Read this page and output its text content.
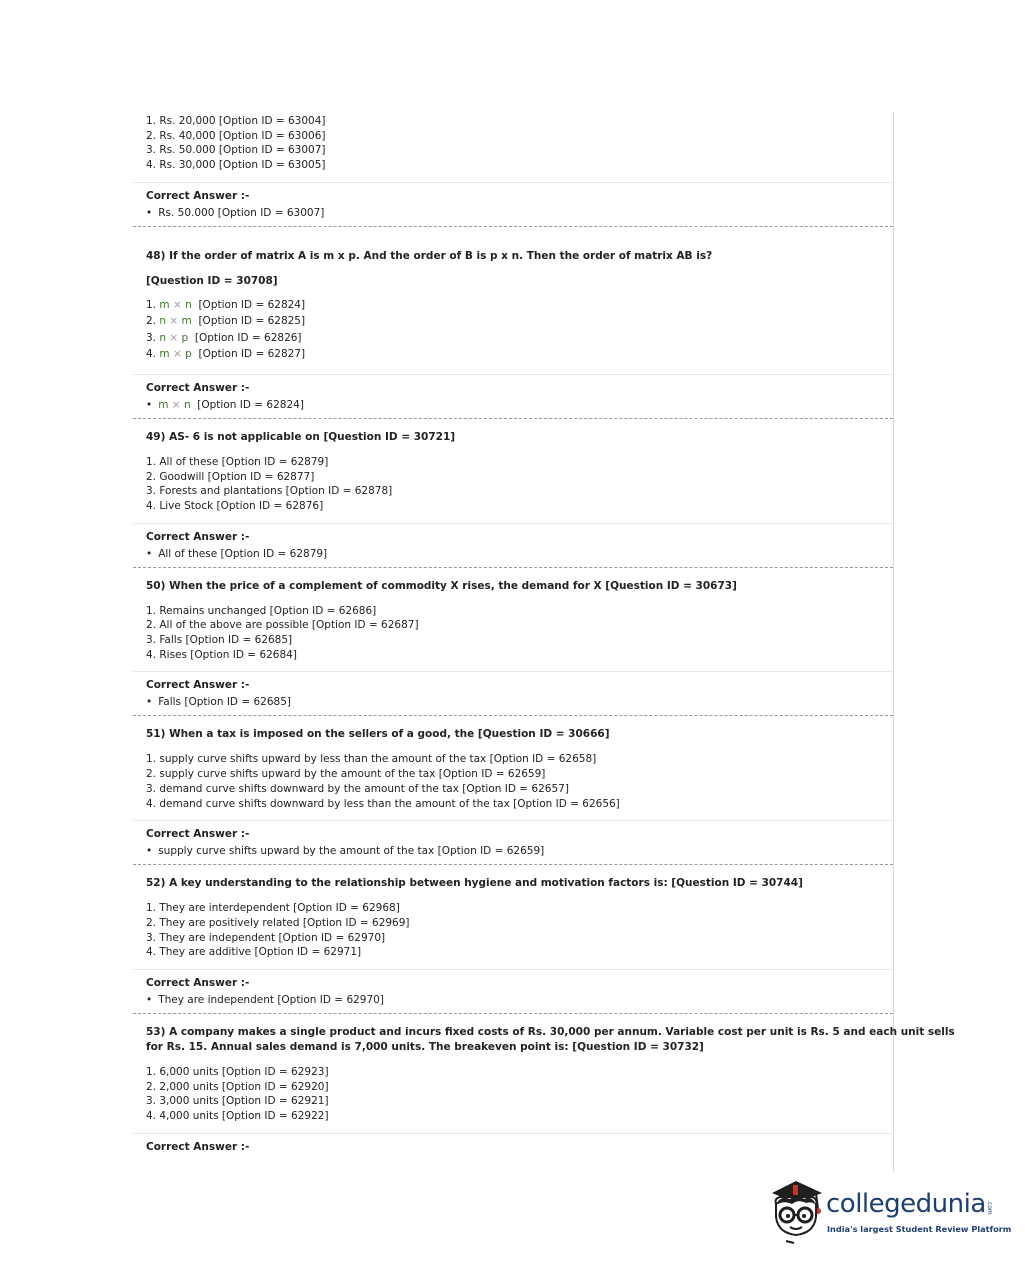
1. Rs. 20,000 [Option ID = 63004]
2. Rs. 40,000 [Option ID = 63006]
3. Rs. 50.000 [Option ID = 63007]
4. Rs. 30,000 [Option ID = 63005]
Correct Answer :-
• Rs. 50.000 [Option ID = 63007]
48) If the order of matrix A is m x p. And the order of B is p x n. Then the order of matrix AB is?
[Question ID = 30708]
1. m × n [Option ID = 62824]
2. n × m [Option ID = 62825]
3. n × p [Option ID = 62826]
4. m × p [Option ID = 62827]
Correct Answer :-
• m × n [Option ID = 62824]
49) AS- 6 is not applicable on [Question ID = 30721]
1. All of these [Option ID = 62879]
2. Goodwill [Option ID = 62877]
3. Forests and plantations [Option ID = 62878]
4. Live Stock [Option ID = 62876]
Correct Answer :-
• All of these [Option ID = 62879]
50) When the price of a complement of commodity X rises, the demand for X [Question ID = 30673]
1. Remains unchanged [Option ID = 62686]
2. All of the above are possible [Option ID = 62687]
3. Falls [Option ID = 62685]
4. Rises [Option ID = 62684]
Correct Answer :-
• Falls [Option ID = 62685]
51) When a tax is imposed on the sellers of a good, the [Question ID = 30666]
1. supply curve shifts upward by less than the amount of the tax [Option ID = 62658]
2. supply curve shifts upward by the amount of the tax [Option ID = 62659]
3. demand curve shifts downward by the amount of the tax [Option ID = 62657]
4. demand curve shifts downward by less than the amount of the tax [Option ID = 62656]
Correct Answer :-
• supply curve shifts upward by the amount of the tax [Option ID = 62659]
52) A key understanding to the relationship between hygiene and motivation factors is: [Question ID = 30744]
1. They are interdependent [Option ID = 62968]
2. They are positively related [Option ID = 62969]
3. They are independent [Option ID = 62970]
4. They are additive [Option ID = 62971]
Correct Answer :-
• They are independent [Option ID = 62970]
53) A company makes a single product and incurs fixed costs of Rs. 30,000 per annum. Variable cost per unit is Rs. 5 and each unit sells
for Rs. 15. Annual sales demand is 7,000 units. The breakeven point is: [Question ID = 30732]
1. 6,000 units [Option ID = 62923]
2. 2,000 units [Option ID = 62920]
3. 3,000 units [Option ID = 62921]
4. 4,000 units [Option ID = 62922]
Correct Answer :-
collegedunia.com
India's largest Student Review Platform
